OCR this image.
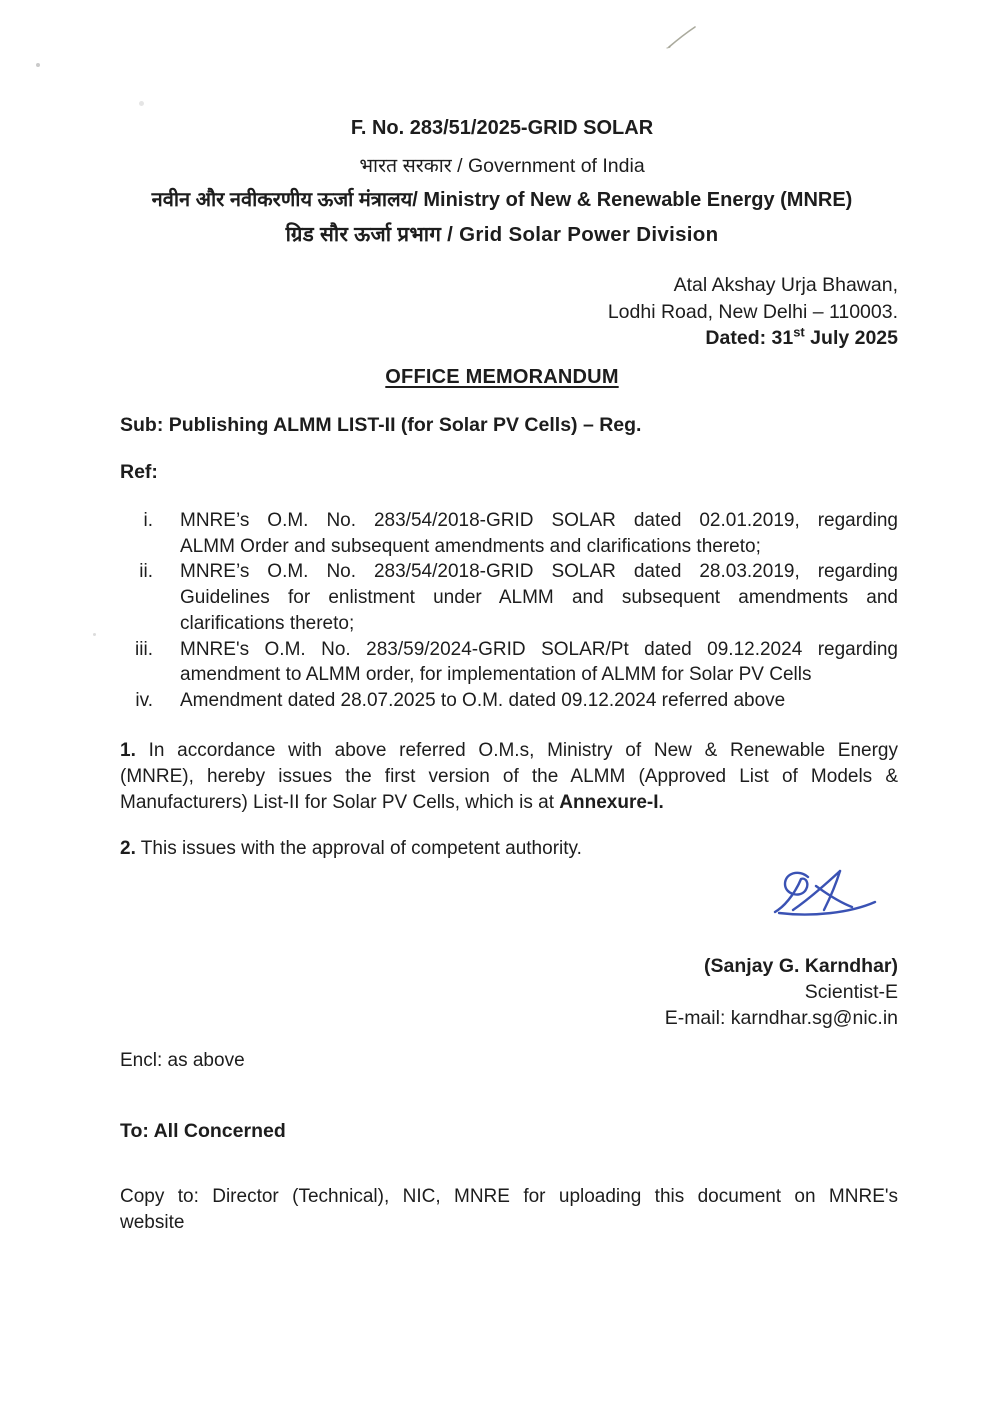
F. No. 283/51/2025-GRID SOLAR
भारत सरकार / Government of India
नवीन और नवीकरणीय ऊर्जा मंत्रालय/ Ministry of New & Renewable Energy (MNRE)
ग्रिड सौर ऊर्जा प्रभाग / Grid Solar Power Division
Atal Akshay Urja Bhawan,
Lodhi Road, New Delhi – 110003.
Dated: 31st July 2025
OFFICE MEMORANDUM
Sub: Publishing ALMM LIST-II (for Solar PV Cells) – Reg.
Ref:
i.	MNRE’s O.M. No. 283/54/2018-GRID SOLAR dated 02.01.2019, regarding
ALMM Order and subsequent amendments and clarifications thereto;
ii.	MNRE’s O.M. No. 283/54/2018-GRID SOLAR dated 28.03.2019, regarding
Guidelines for enlistment under ALMM and subsequent amendments and
clarifications thereto;
iii.	MNRE's O.M. No. 283/59/2024-GRID SOLAR/Pt dated 09.12.2024 regarding
amendment to ALMM order, for implementation of ALMM for Solar PV Cells
iv.	Amendment dated 28.07.2025 to O.M. dated 09.12.2024 referred above
1. In accordance with above referred O.M.s, Ministry of New & Renewable Energy
(MNRE), hereby issues the first version of the ALMM (Approved List of Models &
Manufacturers) List-II for Solar PV Cells, which is at Annexure-I.
2. This issues with the approval of competent authority.
(Sanjay G. Karndhar)
Scientist-E
E-mail: karndhar.sg@nic.in
Encl: as above
To: All Concerned
Copy to: Director (Technical), NIC, MNRE for uploading this document on MNRE's
website
